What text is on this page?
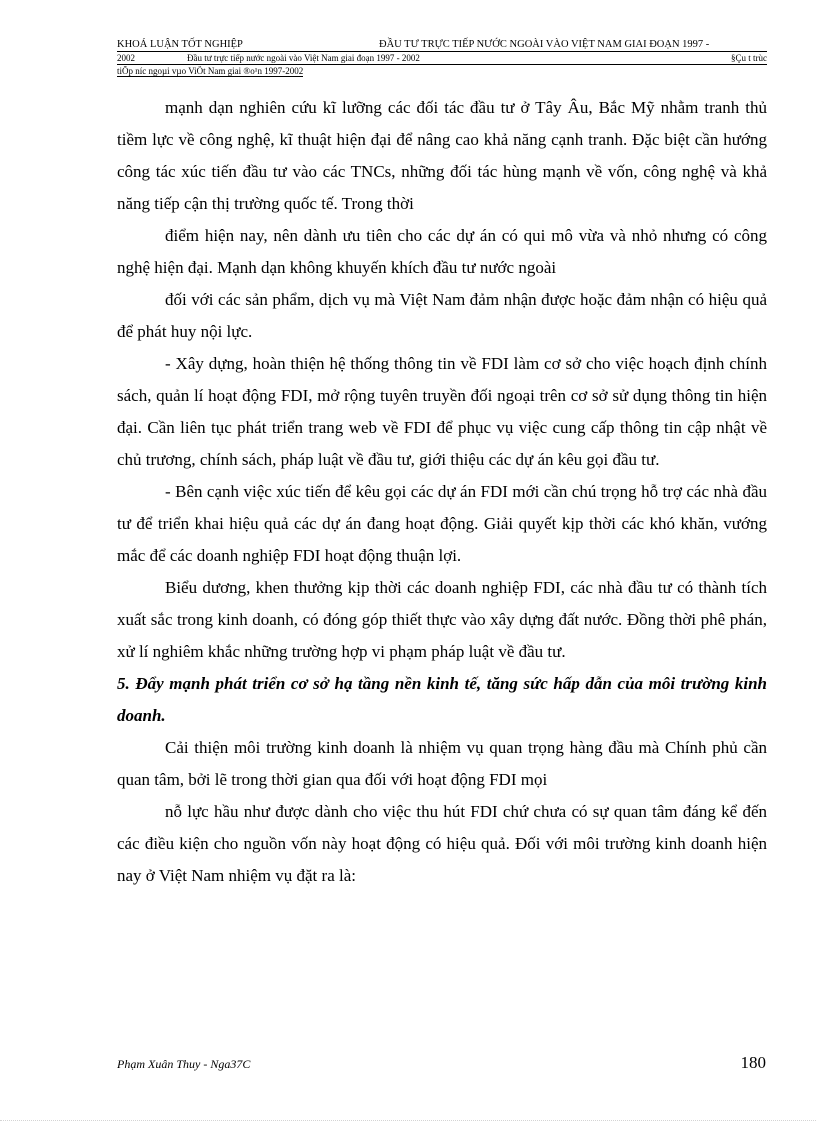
KHOÁ LUẬN TỐT NGHIỆP	ĐẦU TƯ TRỰC TIẾP NƯỚC NGOÀI VÀO VIỆT NAM GIAI ĐOẠN 1997 -
2002	Đầu tư trực tiếp nước ngoài vào Việt Nam giai đoạn 1997 - 2002	§Çu t trùc
tiÕp níc ngoµi vµo ViÖt Nam giai ®o¹n 1997-2002

mạnh dạn nghiên cứu kĩ lưỡng các đối tác đầu tư ở Tây Âu, Bắc Mỹ nhằm tranh thủ tiềm lực về công nghệ, kĩ thuật hiện đại để nâng cao khả năng cạnh tranh. Đặc biệt cần hướng công tác xúc tiến đầu tư vào các TNCs, những đối tác hùng mạnh về vốn, công nghệ và khả năng tiếp cận thị trường quốc tế. Trong thời

điểm hiện nay, nên dành ưu tiên cho các dự án có qui mô vừa và nhỏ nhưng có công nghệ hiện đại. Mạnh dạn không khuyến khích đầu tư nước ngoài

đối với các sản phẩm, dịch vụ mà Việt Nam đảm nhận được hoặc đảm nhận có hiệu quả để phát huy nội lực.

- Xây dựng, hoàn thiện hệ thống thông tin về FDI làm cơ sở cho việc hoạch định chính sách, quản lí hoạt động FDI, mở rộng tuyên truyền đối ngoại trên cơ sở sử dụng thông tin hiện đại. Cần liên tục phát triển trang web về FDI để phục vụ việc cung cấp thông tin cập nhật về chủ trương, chính sách, pháp luật về đầu tư, giới thiệu các dự án kêu gọi đầu tư.

- Bên cạnh việc xúc tiến để kêu gọi các dự án FDI mới cần chú trọng hỗ trợ các nhà đầu tư để triển khai hiệu quả các dự án đang hoạt động. Giải quyết kịp thời các khó khăn, vướng mắc để các doanh nghiệp FDI hoạt động thuận lợi.

Biểu dương, khen thưởng kịp thời các doanh nghiệp FDI, các nhà đầu tư có thành tích xuất sắc trong kinh doanh, có đóng góp thiết thực vào xây dựng đất nước. Đồng thời phê phán, xử lí nghiêm khắc những trường hợp vi phạm pháp luật về đầu tư.

5. Đẩy mạnh phát triển cơ sở hạ tầng nền kinh tế, tăng sức hấp dẫn của môi trường kinh doanh.

Cải thiện môi trường kinh doanh là nhiệm vụ quan trọng hàng đầu mà Chính phủ cần quan tâm, bởi lẽ trong thời gian qua đối với hoạt động FDI mọi

nỗ lực hầu như được dành cho việc thu hút FDI chứ chưa có sự quan tâm đáng kể đến các điều kiện cho nguồn vốn này hoạt động có hiệu quả. Đối với môi trường kinh doanh hiện nay ở Việt Nam nhiệm vụ đặt ra là:

Phạm Xuân Thuy - Nga37C	180
